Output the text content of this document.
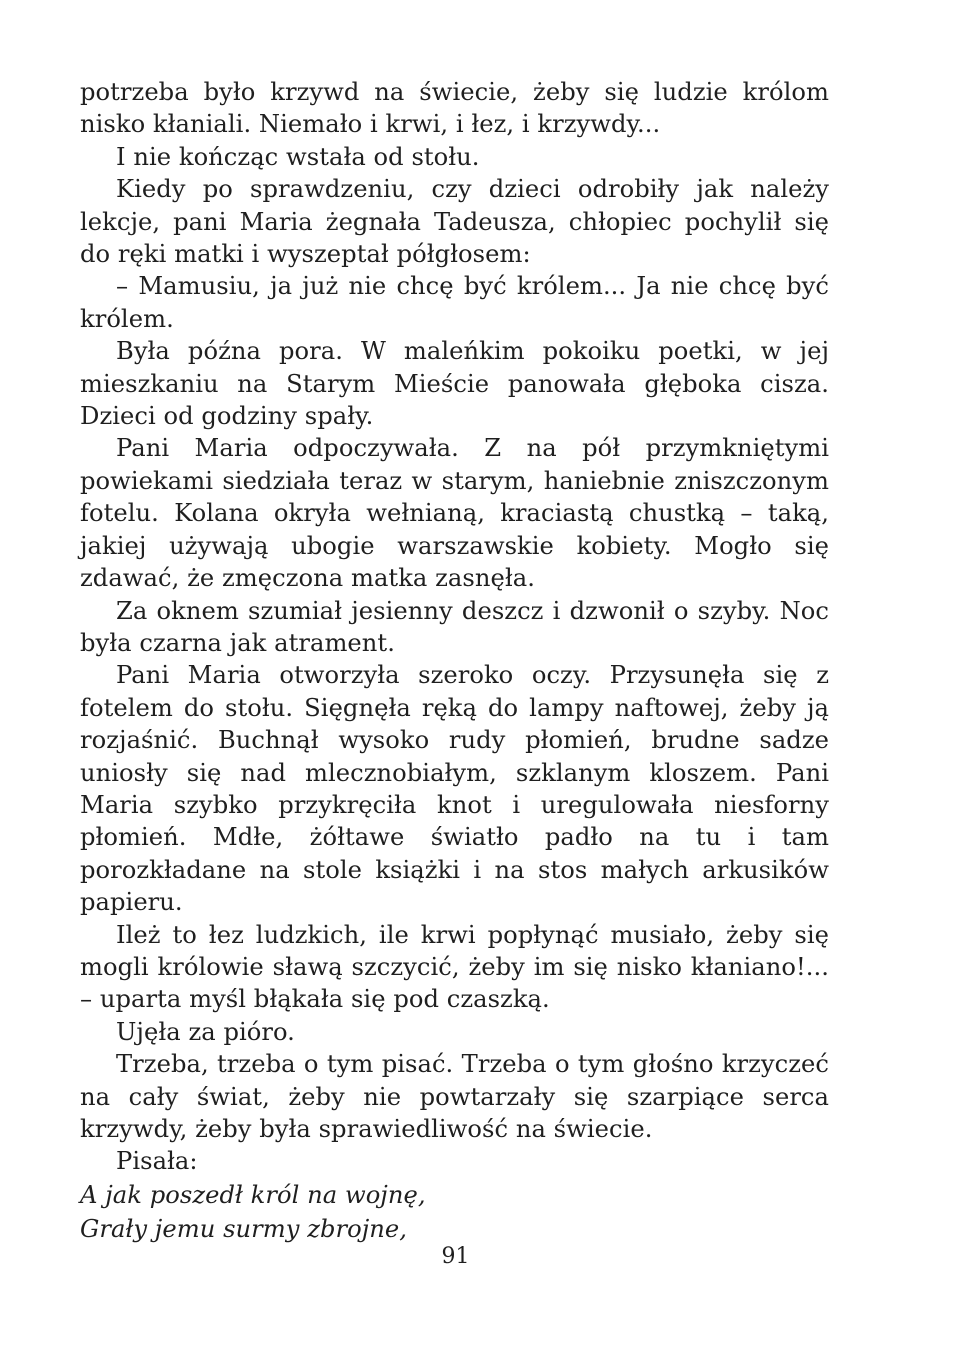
potrzeba było krzywd na świecie, żeby się ludzie królom nisko kłaniali. Niemało i krwi, i łez, i krzywdy...

I nie kończąc wstała od stołu.

Kiedy po sprawdzeniu, czy dzieci odrobiły jak należy lekcje, pani Maria żegnała Tadeusza, chłopiec pochylił się do ręki matki i wyszeptał półgłosem:

– Mamusiu, ja już nie chcę być królem... Ja nie chcę być królem.

Była późna pora. W maleńkim pokoiku poetki, w jej mieszkaniu na Starym Mieście panowała głęboka cisza. Dzieci od godziny spały.

Pani Maria odpoczywała. Z na pół przymkniętymi powiekami siedziała teraz w starym, haniebnie zniszczonym fotelu. Kolana okryła wełnianą, kraciastą chustką – taką, jakiej używają ubogie warszawskie kobiety. Mogło się zdawać, że zmęczona matka zasnęła.

Za oknem szumiał jesienny deszcz i dzwonił o szyby. Noc była czarna jak atrament.

Pani Maria otworzyła szeroko oczy. Przysunęła się z fotelem do stołu. Sięgnęła ręką do lampy naftowej, żeby ją rozjaśnić. Buchnął wysoko rudy płomień, brudne sadze uniosły się nad mlecznobiałym, szklanym kloszem. Pani Maria szybko przykręciła knot i uregulowała niesforny płomień. Mdłe, żółtawe światło padło na tu i tam porozkładane na stole książki i na stos małych arkusików papieru.

Ileż to łez ludzkich, ile krwi popłynąć musiało, żeby się mogli królowie sławą szczycić, żeby im się nisko kłaniano!... – uparta myśl błąkała się pod czaszką.

Ujęła za pióro.

Trzeba, trzeba o tym pisać. Trzeba o tym głośno krzyczeć na cały świat, żeby nie powtarzały się szarpiące serca krzywdy, żeby była sprawiedliwość na świecie.

Pisała:

A jak poszedł król na wojnę,

Grały jemu surmy zbrojne,

91
